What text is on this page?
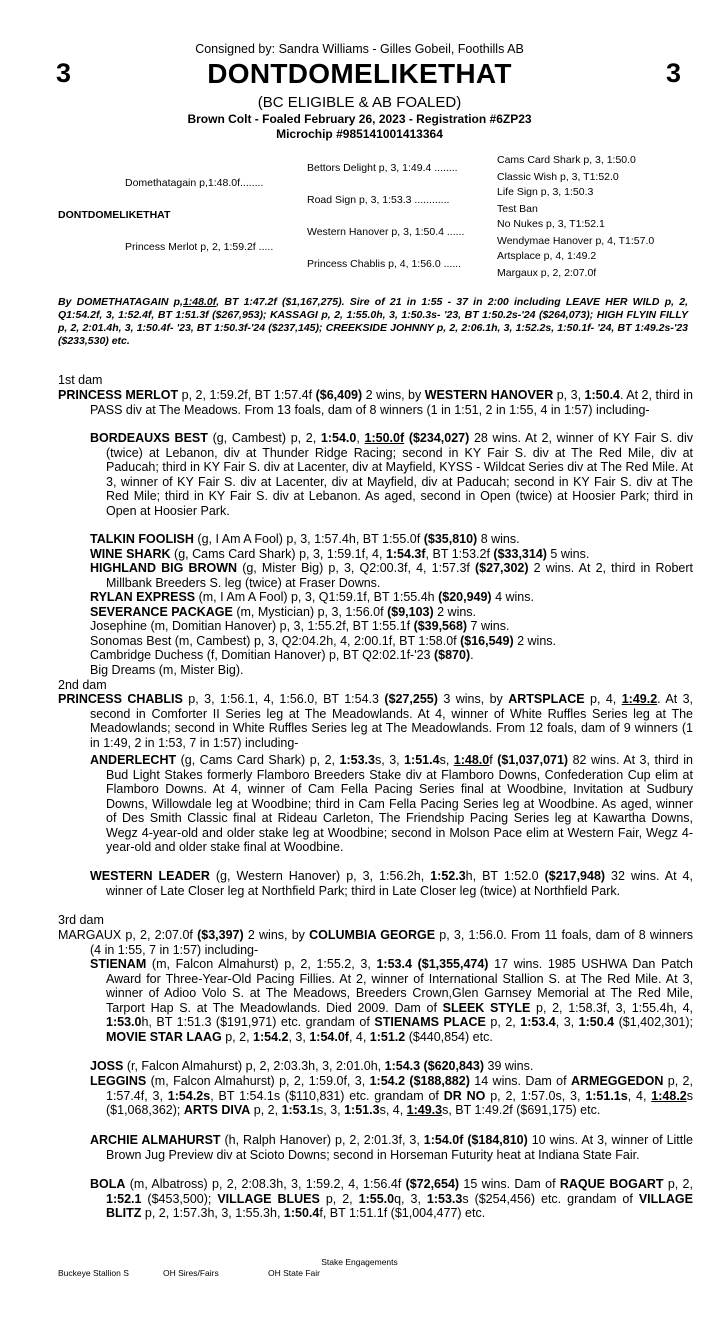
Consigned by: Sandra Williams - Gilles Gobeil, Foothills AB
3	DONTDOMELIKETHAT	3
(BC ELIGIBLE & AB FOALED)
Brown Colt - Foaled February 26, 2023 - Registration #6ZP23
Microchip #985141001413364
DONTDOMELIKETHAT
Domethatagain p,1:48.0f........
Princess Merlot p, 2, 1:59.2f .....
Bettors Delight p, 3, 1:49.4 ........
Road Sign p, 3, 1:53.3 ............
Western Hanover p, 3, 1:50.4 ......
Princess Chablis p, 4, 1:56.0 ......
Cams Card Shark p, 3, 1:50.0
Classic Wish p, 3, T1:52.0
Life Sign p, 3, 1:50.3
Test Ban
No Nukes p, 3, T1:52.1
Wendymae Hanover p, 4, T1:57.0
Artsplace p, 4, 1:49.2
Margaux p, 2, 2:07.0f
By DOMETHATAGAIN p,1:48.0f, BT 1:47.2f ($1,167,275). Sire of 21 in 1:55 - 37 in 2:00 including LEAVE HER WILD p, 2, Q1:54.2f, 3, 1:52.4f, BT 1:51.3f ($267,953); KASSAGI p, 2, 1:55.0h, 3, 1:50.3s- '23, BT 1:50.2s-'24 ($264,073); HIGH FLYIN FILLY p, 2, 2:01.4h, 3, 1:50.4f- '23, BT 1:50.3f-'24 ($237,145); CREEKSIDE JOHNNY p, 2, 2:06.1h, 3, 1:52.2s, 1:50.1f- '24, BT 1:49.2s-'23 ($233,530) etc.
1st dam
PRINCESS MERLOT p, 2, 1:59.2f, BT 1:57.4f ($6,409) 2 wins, by WESTERN HANOVER p, 3, 1:50.4. At 2, third in PASS div at The Meadows. From 13 foals, dam of 8 winners (1 in 1:51, 2 in 1:55, 4 in 1:57) including-
BORDEAUXS BEST (g, Cambest) p, 2, 1:54.0, 1:50.0f ($234,027) 28 wins. At 2, winner of KY Fair S. div (twice) at Lebanon, div at Thunder Ridge Racing; second in KY Fair S. div at The Red Mile, div at Paducah; third in KY Fair S. div at Lacenter, div at Mayfield, KYSS - Wildcat Series div at The Red Mile. At 3, winner of KY Fair S. div at Lacenter, div at Mayfield, div at Paducah; second in KY Fair S. div at The Red Mile; third in KY Fair S. div at Lebanon. As aged, second in Open (twice) at Hoosier Park; third in Open at Hoosier Park.
TALKIN FOOLISH (g, I Am A Fool) p, 3, 1:57.4h, BT 1:55.0f ($35,810) 8 wins.
WINE SHARK (g, Cams Card Shark) p, 3, 1:59.1f, 4, 1:54.3f, BT 1:53.2f ($33,314) 5 wins.
HIGHLAND BIG BROWN (g, Mister Big) p, 3, Q2:00.3f, 4, 1:57.3f ($27,302) 2 wins. At 2, third in Robert Millbank Breeders S. leg (twice) at Fraser Downs.
RYLAN EXPRESS (m, I Am A Fool) p, 3, Q1:59.1f, BT 1:55.4h ($20,949) 4 wins.
SEVERANCE PACKAGE (m, Mystician) p, 3, 1:56.0f ($9,103) 2 wins.
Josephine (m, Domitian Hanover) p, 3, 1:55.2f, BT 1:55.1f ($39,568) 7 wins.
Sonomas Best (m, Cambest) p, 3, Q2:04.2h, 4, 2:00.1f, BT 1:58.0f ($16,549) 2 wins.
Cambridge Duchess (f, Domitian Hanover) p, BT Q2:02.1f-'23 ($870).
Big Dreams (m, Mister Big).
2nd dam
PRINCESS CHABLIS p, 3, 1:56.1, 4, 1:56.0, BT 1:54.3 ($27,255) 3 wins, by ARTSPLACE p, 4, 1:49.2. At 3, second in Comforter II Series leg at The Meadowlands. At 4, winner of White Ruffles Series leg at The Meadowlands; second in White Ruffles Series leg at The Meadowlands. From 12 foals, dam of 9 winners (1 in 1:49, 2 in 1:53, 7 in 1:57) including-
ANDERLECHT (g, Cams Card Shark) p, 2, 1:53.3s, 3, 1:51.4s, 1:48.0f ($1,037,071) 82 wins. At 3, third in Bud Light Stakes formerly Flamboro Breeders Stake div at Flamboro Downs, Confederation Cup elim at Flamboro Downs. At 4, winner of Cam Fella Pacing Series final at Woodbine, Invitation at Sudbury Downs, Willowdale leg at Woodbine; third in Cam Fella Pacing Series leg at Woodbine. As aged, winner of Des Smith Classic final at Rideau Carleton, The Friendship Pacing Series leg at Kawartha Downs, Wegz 4-year-old and older stake leg at Woodbine; second in Molson Pace elim at Western Fair, Wegz 4-year-old and older stake final at Woodbine.
WESTERN LEADER (g, Western Hanover) p, 3, 1:56.2h, 1:52.3h, BT 1:52.0 ($217,948) 32 wins. At 4, winner of Late Closer leg at Northfield Park; third in Late Closer leg (twice) at Northfield Park.
3rd dam
MARGAUX p, 2, 2:07.0f ($3,397) 2 wins, by COLUMBIA GEORGE p, 3, 1:56.0. From 11 foals, dam of 8 winners (4 in 1:55, 7 in 1:57) including-
STIENAM (m, Falcon Almahurst) p, 2, 1:55.2, 3, 1:53.4 ($1,355,474) 17 wins. 1985 USHWA Dan Patch Award for Three-Year-Old Pacing Fillies. At 2, winner of International Stallion S. at The Red Mile. At 3, winner of Adioo Volo S. at The Meadows, Breeders Crown,Glen Garnsey Memorial at The Red Mile, Tarport Hap S. at The Meadowlands. Died 2009. Dam of SLEEK STYLE p, 2, 1:58.3f, 3, 1:55.4h, 4, 1:53.0h, BT 1:51.3 ($191,971) etc. grandam of STIENAMS PLACE p, 2, 1:53.4, 3, 1:50.4 ($1,402,301); MOVIE STAR LAAG p, 2, 1:54.2, 3, 1:54.0f, 4, 1:51.2 ($440,854) etc.
JOSS (r, Falcon Almahurst) p, 2, 2:03.3h, 3, 2:01.0h, 1:54.3 ($620,843) 39 wins.
LEGGINS (m, Falcon Almahurst) p, 2, 1:59.0f, 3, 1:54.2 ($188,882) 14 wins. Dam of ARMEGGEDON p, 2, 1:57.4f, 3, 1:54.2s, BT 1:54.1s ($110,831) etc. grandam of DR NO p, 2, 1:57.0s, 3, 1:51.1s, 4, 1:48.2s ($1,068,362); ARTS DIVA p, 2, 1:53.1s, 3, 1:51.3s, 4, 1:49.3s, BT 1:49.2f ($691,175) etc.
ARCHIE ALMAHURST (h, Ralph Hanover) p, 2, 2:01.3f, 3, 1:54.0f ($184,810) 10 wins. At 3, winner of Little Brown Jug Preview div at Scioto Downs; second in Horseman Futurity heat at Indiana State Fair.
BOLA (m, Albatross) p, 2, 2:08.3h, 3, 1:59.2, 4, 1:56.4f ($72,654) 15 wins. Dam of RAQUE BOGART p, 2, 1:52.1 ($453,500); VILLAGE BLUES p, 2, 1:55.0q, 3, 1:53.3s ($254,456) etc. grandam of VILLAGE BLITZ p, 2, 1:57.3h, 3, 1:55.3h, 1:50.4f, BT 1:51.1f ($1,004,477) etc.
Stake Engagements
Buckeye Stallion S	OH Sires/Fairs	OH State Fair
